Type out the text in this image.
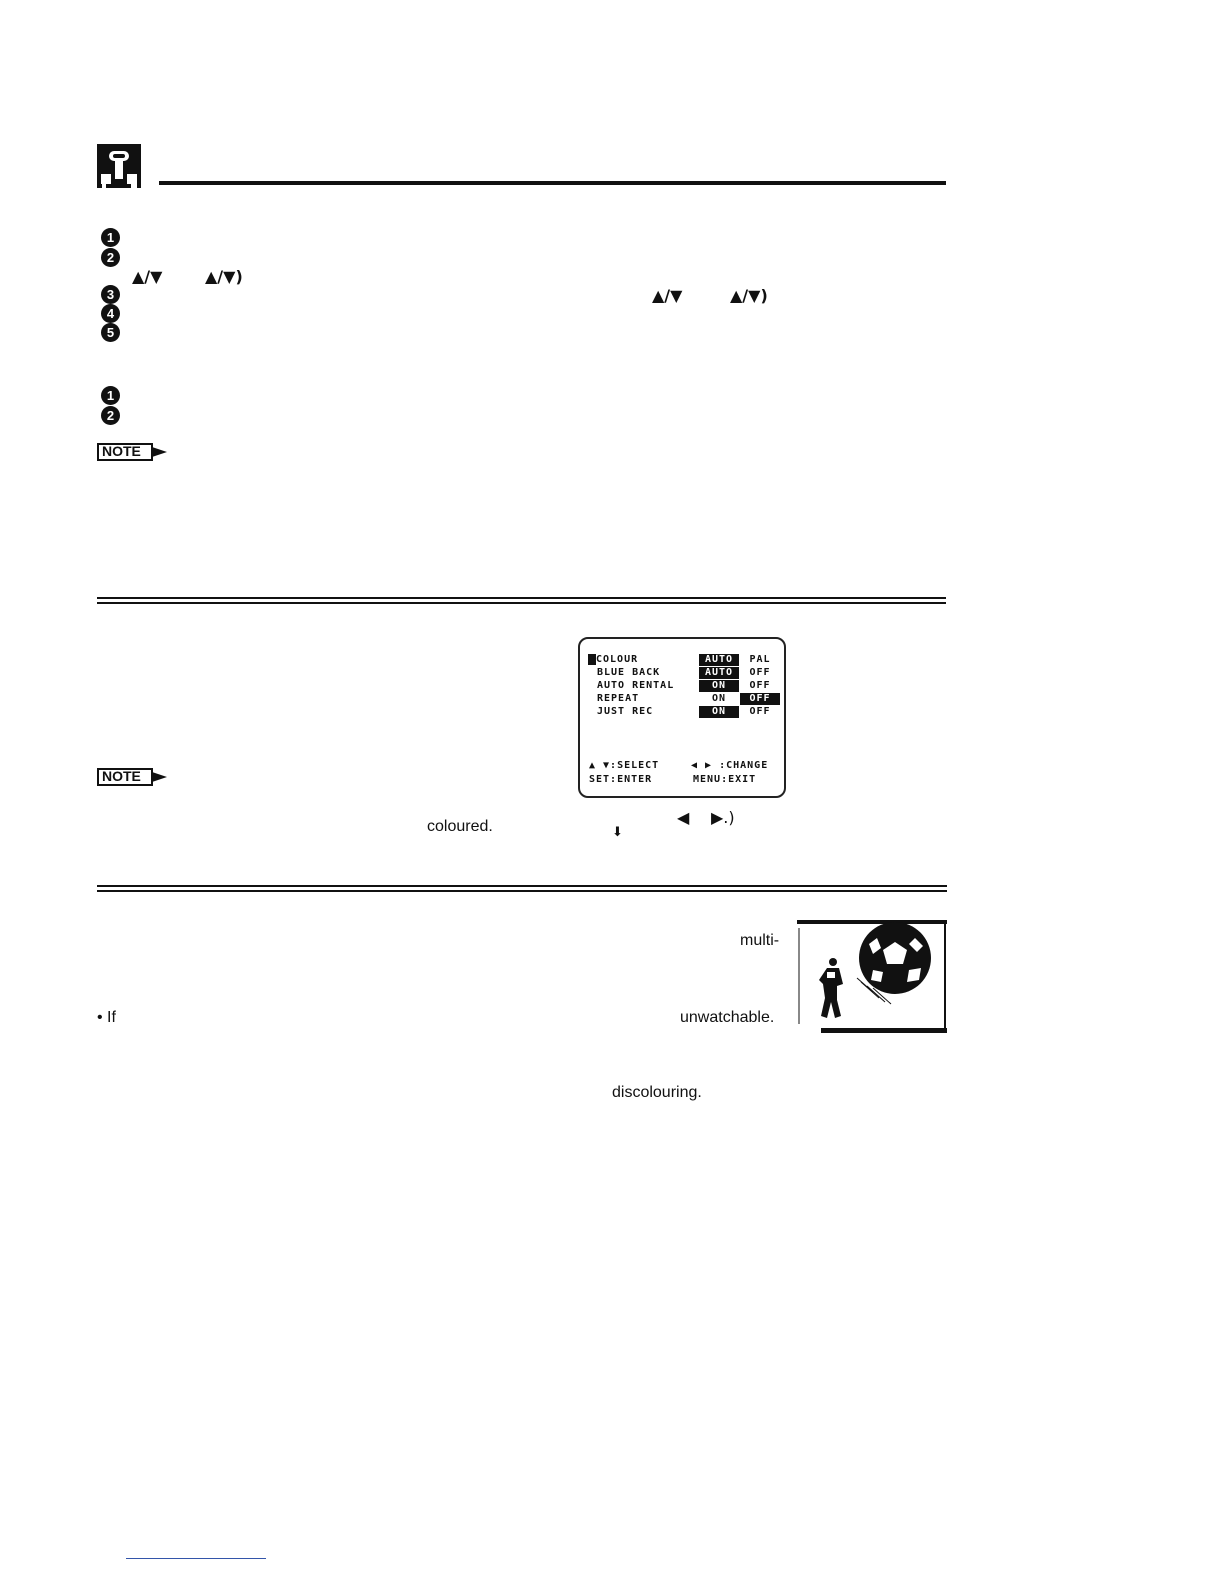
1
2
3
4
5
▲/▼	▲/▼)
▲/▼	▲/▼)
1
2
NOTE
NOTE
COLOUR	AUTO	PAL
BLUE BACK	AUTO	OFF
AUTO RENTAL	ON	OFF
REPEAT	ON	OFF
JUST REC	ON	OFF
▲ ▼:SELECT	◀ ▶ :CHANGE
SET:ENTER	MENU:EXIT
coloured.	◀ ▶.)
⬇
multi-
• If	unwatchable.
discolouring.
